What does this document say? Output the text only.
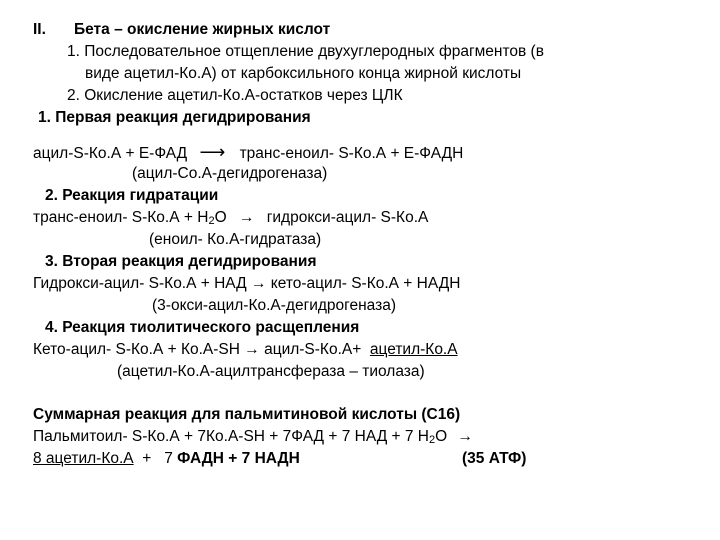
II. Бета – окисление жирных кислот
1. Последовательное отщепление двухуглеродных фрагментов (в
виде ацетил-Ко.А) от карбоксильного конца жирной кислоты
2. Окисление ацетил-Ко.А-остатков через ЦЛК
1. Первая реакция дегидрирования
ацил-S-Ко.А + Е-ФАД ⟶ транс-еноил- S-Ко.А + Е-ФАДН
(ацил-Со.А-дегидрогеназа)
2. Реакция гидратации
транс-еноил- S-Ко.А + Н2О → гидрокси-ацил- S-Ко.А
(еноил- Ко.А-гидратаза)
3. Вторая реакция дегидрирования
Гидрокси-ацил- S-Ко.А + НАД → кето-ацил- S-Ко.А + НАДН
(3-окси-ацил-Ко.А-дегидрогеназа)
4. Реакция тиолитического расщепления
Кето-ацил- S-Ко.А + Ко.А-SH → ацил-S-Ко.А+  ацетил-Ко.А
(ацетил-Ко.А-ацилтрансфераза – тиолаза)
Суммарная реакция для пальмитиновой кислоты (С16)
Пальмитоил- S-Ко.А + 7Ко.А-SH + 7ФАД + 7 НАД + 7 Н2О →
8 ацетил-Ко.А  +   7 ФАДН + 7 НАДН	(35 АТФ)
